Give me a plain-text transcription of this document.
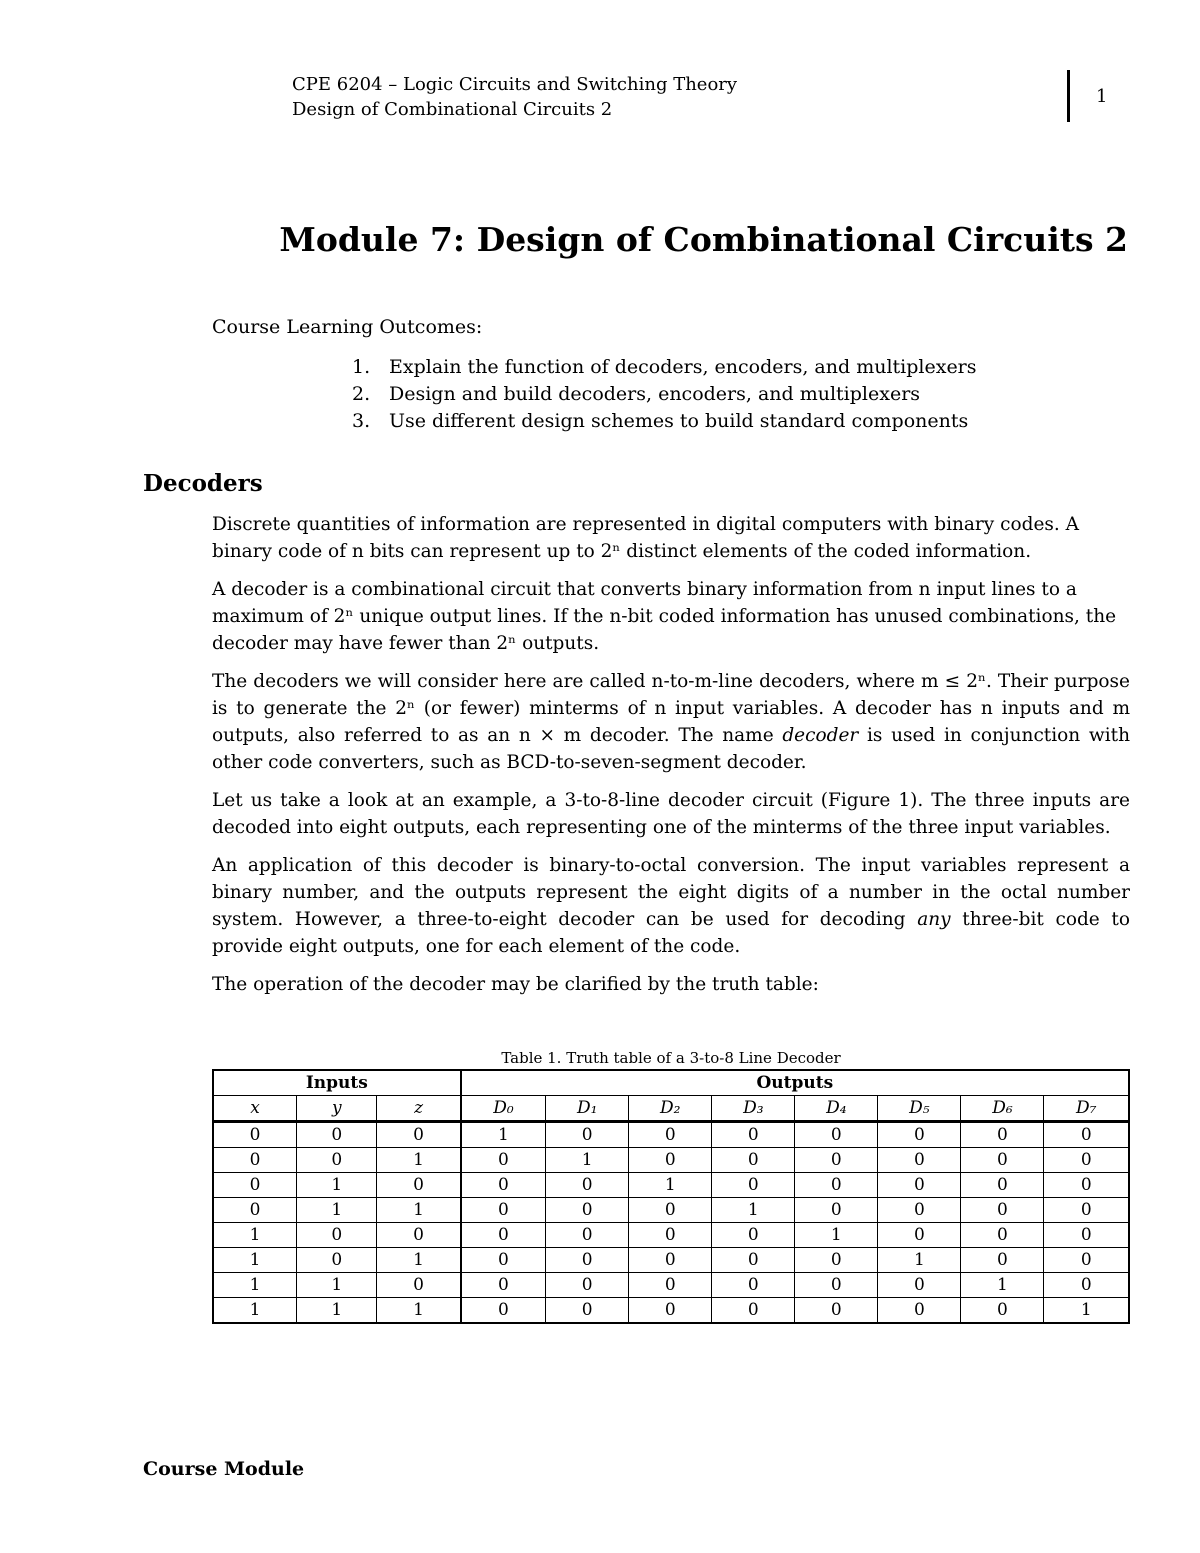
CPE 6204 – Logic Circuits and Switching Theory
Design of Combinational Circuits 2
1
Module 7: Design of Combinational Circuits 2
Course Learning Outcomes:
1. Explain the function of decoders, encoders, and multiplexers
2. Design and build decoders, encoders, and multiplexers
3. Use different design schemes to build standard components
Decoders

Discrete quantities of information are represented in digital computers with binary codes. A binary code of n bits can represent up to 2ⁿ distinct elements of the coded information.

A decoder is a combinational circuit that converts binary information from n input lines to a maximum of 2ⁿ unique output lines. If the n-bit coded information has unused combinations, the decoder may have fewer than 2ⁿ outputs.

The decoders we will consider here are called n-to-m-line decoders, where m ≤ 2ⁿ. Their purpose is to generate the 2ⁿ (or fewer) minterms of n input variables. A decoder has n inputs and m outputs, also referred to as an n × m decoder. The name decoder is used in conjunction with other code converters, such as BCD-to-seven-segment decoder.

Let us take a look at an example, a 3-to-8-line decoder circuit (Figure 1). The three inputs are decoded into eight outputs, each representing one of the minterms of the three input variables.

An application of this decoder is binary-to-octal conversion. The input variables represent a binary number, and the outputs represent the eight digits of a number in the octal number system. However, a three-to-eight decoder can be used for decoding any three-bit code to provide eight outputs, one for each element of the code.

The operation of the decoder may be clarified by the truth table:

Table 1. Truth table of a 3-to-8 Line Decoder
Inputs			Outputs							
x	y	z	D₀	D₁	D₂	D₃	D₄	D₅	D₆	D₇
0	0	0	1	0	0	0	0	0	0	0
0	0	1	0	1	0	0	0	0	0	0
0	1	0	0	0	1	0	0	0	0	0
0	1	1	0	0	0	1	0	0	0	0
1	0	0	0	0	0	0	1	0	0	0
1	0	1	0	0	0	0	0	1	0	0
1	1	0	0	0	0	0	0	0	1	0
1	1	1	0	0	0	0	0	0	0	1
Course Module
